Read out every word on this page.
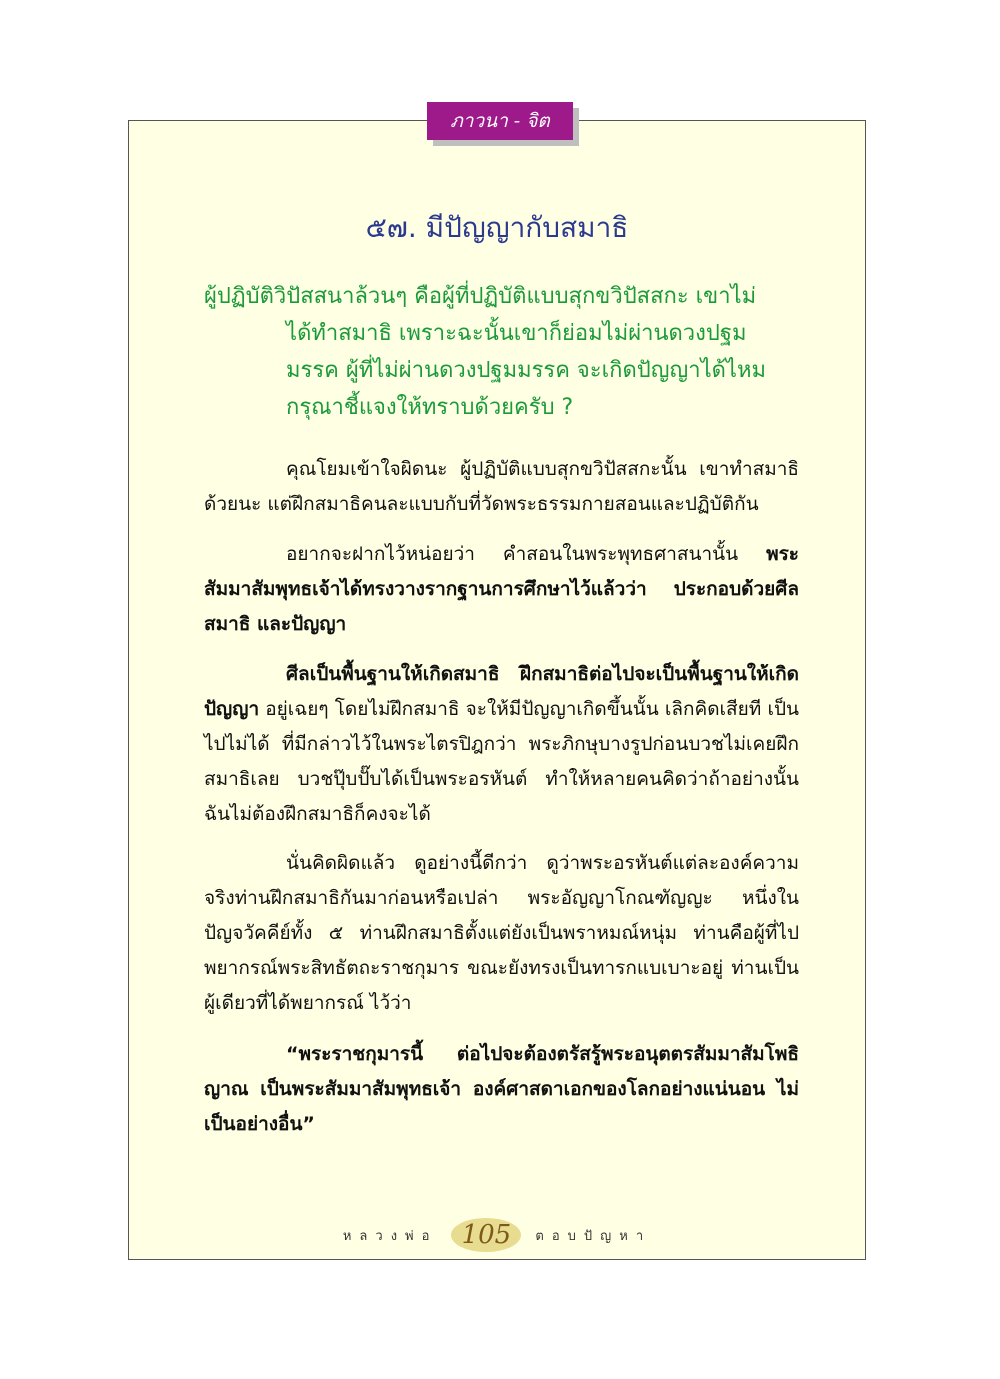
ภาวนา - จิต
๕๗. มีปัญญากับสมาธิ
ผู้ปฏิบัติวิปัสสนาล้วนๆ คือผู้ที่ปฏิบัติแบบสุกขวิปัสสกะ เขาไม่
ได้ทำสมาธิ เพราะฉะนั้นเขาก็ย่อมไม่ผ่านดวงปฐมมรรค ผู้ที่ไม่ผ่านดวงปฐมมรรค จะเกิดปัญญาได้ไหม กรุณาชี้แจงให้ทราบด้วยครับ ?

คุณโยมเข้าใจผิดนะ ผู้ปฏิบัติแบบสุกขวิปัสสกะนั้น เขาทำสมาธิด้วยนะ แต่ฝึกสมาธิคนละแบบกับที่วัดพระธรรมกายสอนและปฏิบัติกัน

อยากจะฝากไว้หน่อยว่า คำสอนในพระพุทธศาสนานั้น พระสัมมาสัมพุทธเจ้าได้ทรงวางรากฐานการศึกษาไว้แล้วว่า ประกอบด้วยศีล สมาธิ และปัญญา

ศีลเป็นพื้นฐานให้เกิดสมาธิ ฝึกสมาธิต่อไปจะเป็นพื้นฐานให้เกิดปัญญา อยู่เฉยๆ โดยไม่ฝึกสมาธิ จะให้มีปัญญาเกิดขึ้นนั้น เลิกคิดเสียที เป็นไปไม่ได้ ที่มีกล่าวไว้ในพระไตรปิฎกว่า พระภิกษุบางรูปก่อนบวชไม่เคยฝึกสมาธิเลย บวชปุ๊บปั๊บได้เป็นพระอรหันต์ ทำให้หลายคนคิดว่าถ้าอย่างนั้นฉันไม่ต้องฝึกสมาธิก็คงจะได้

นั่นคิดผิดแล้ว ดูอย่างนี้ดีกว่า ดูว่าพระอรหันต์แต่ละองค์ความจริงท่านฝึกสมาธิกันมาก่อนหรือเปล่า พระอัญญาโกณฑัญญะ หนึ่งในปัญจวัคคีย์ทั้ง ๕ ท่านฝึกสมาธิตั้งแต่ยังเป็นพราหมณ์หนุ่ม ท่านคือผู้ที่ไปพยากรณ์พระสิทธัตถะราชกุมาร ขณะยังทรงเป็นทารกแบเบาะอยู่ ท่านเป็นผู้เดียวที่ได้พยากรณ์ ไว้ว่า

“พระราชกุมารนี้ ต่อไปจะต้องตรัสรู้พระอนุตตรสัมมาสัมโพธิญาณ เป็นพระสัมมาสัมพุทธเจ้า องค์ศาสดาเอกของโลกอย่างแน่นอน ไม่เป็นอย่างอื่น”

หลวงพ่อ 105	ตอบปัญหา
